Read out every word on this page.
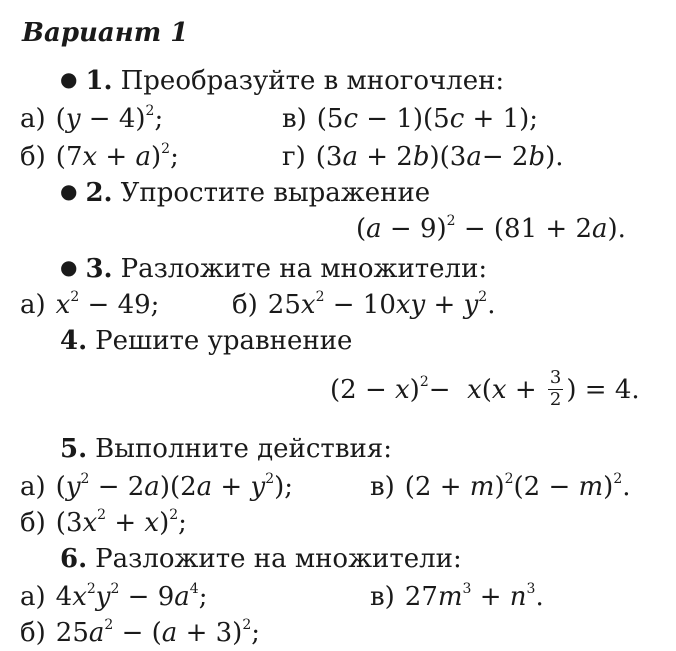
Вариант 1
● 1. Преобразуйте в многочлен:
а) $(y - 4)^2$;	в) (5c − 1)(5c + 1);
б) $(7x + a)^2$;	г) (3a + 2b)(3a− 2b).
● 2. Упростите выражение
$(a - 9)^2 - (81 + 2a)$.
● 3. Разложите на множители:
а) $x^2 - 49$;	б) $25x^2 - 10xy + y^2$.
4. Решите уравнение
$(2 - x)^2- x(x + \frac{3}{2}$ ) = 4.
5. Выполните действия:
а) $(y^2 - 2a)(2a + y^2)$;	в) $(2 + m)^2(2 - m)^2$.
б) $(3x^2 + x)^2$;
6. Разложите на множители:
а) $4x^2y^2 - 9a^4$;	в) $27m^3 + n^3$.
б) $25a^2 - (a + 3)^2$;
